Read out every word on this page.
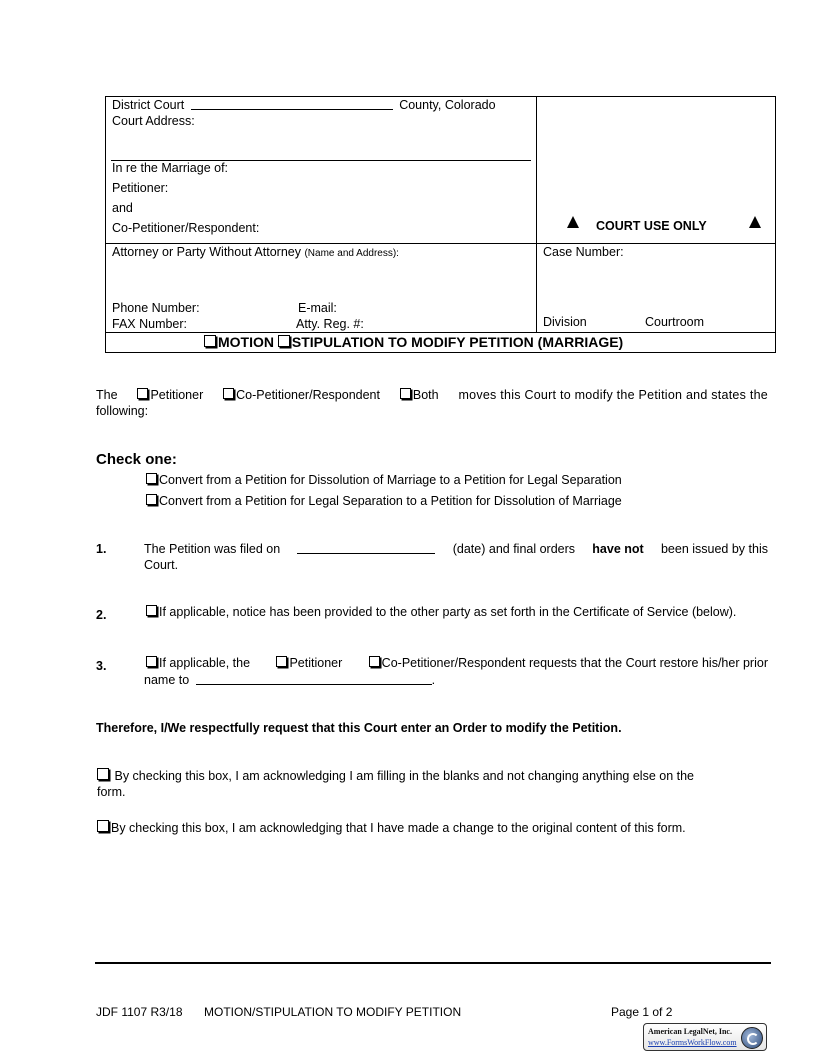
District Court	County, Colorado
Court Address:
In re the Marriage of:
Petitioner:
and
Co-Petitioner/Respondent:	COURT USE ONLY
Attorney or Party Without Attorney (Name and Address):
Phone Number:	E-mail:
FAX Number:	Atty. Reg. #:
Case Number:
Division	Courtroom
MOTION STIPULATION TO MODIFY PETITION (MARRIAGE)
The	Petitioner	Co-Petitioner/Respondent	Both moves this Court to modify the Petition and states the
following:
Check one:
Convert from a Petition for Dissolution of Marriage to a Petition for Legal Separation
Convert from a Petition for Legal Separation to a Petition for Dissolution of Marriage
1.	The Petition was filed on	(date) and final orders have not been issued by this
Court.
2.	If applicable, notice has been provided to the other party as set forth in the Certificate of Service (below).
3.	If applicable, the	Petitioner	Co-Petitioner/Respondent requests that the Court restore his/her prior
name to	.
Therefore, I/We respectfully request that this Court enter an Order to modify the Petition.
By checking this box, I am acknowledging I am filling in the blanks and not changing anything else on the
form.
By checking this box, I am acknowledging that I have made a change to the original content of this form.
JDF 1107 R3/18 MOTION/STIPULATION TO MODIFY PETITION	Page 1 of 2
American LegalNet, Inc.
www.FormsWorkFlow.com
